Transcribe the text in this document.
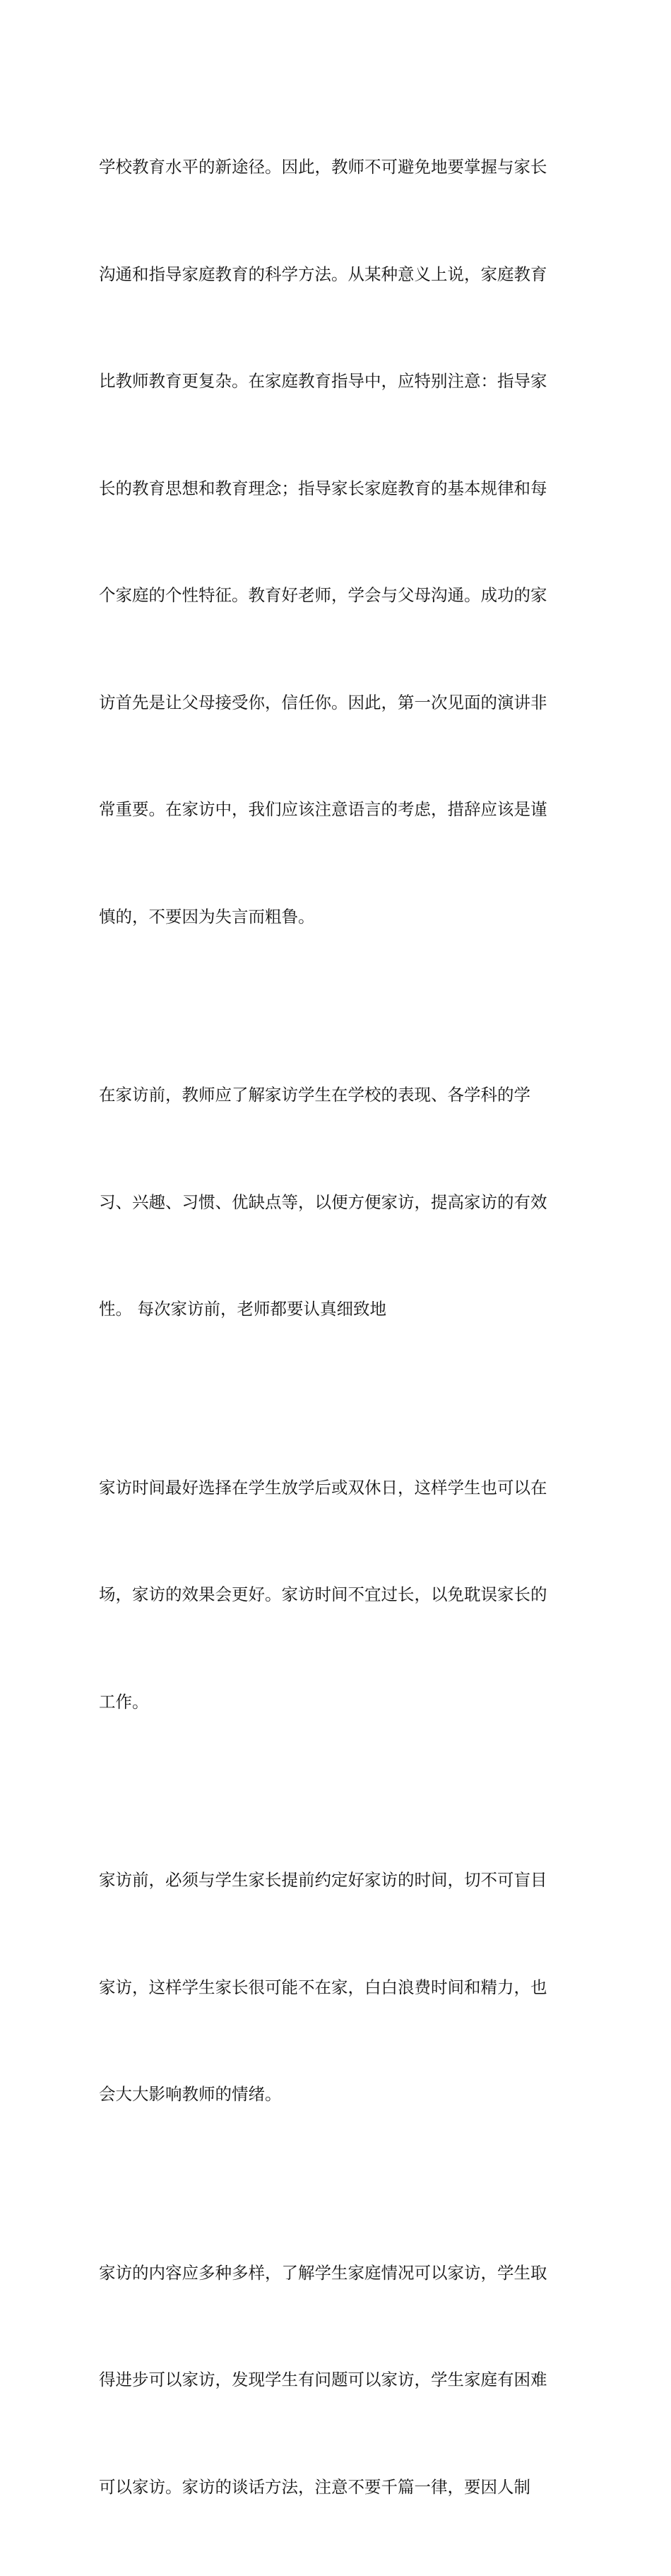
学校教育水平的新途径。因此，教师不可避免地要掌握与家长

沟通和指导家庭教育的科学方法。从某种意义上说，家庭教育

比教师教育更复杂。在家庭教育指导中，应特别注意：指导家

长的教育思想和教育理念；指导家长家庭教育的基本规律和每

个家庭的个性特征。教育好老师，学会与父母沟通。成功的家

访首先是让父母接受你，信任你。因此，第一次见面的演讲非

常重要。在家访中，我们应该注意语言的考虑，措辞应该是谨

慎的，不要因为失言而粗鲁。

在家访前，教师应了解家访学生在学校的表现、各学科的学

习、兴趣、习惯、优缺点等，以便方便家访，提高家访的有效

性。 每次家访前，老师都要认真细致地

家访时间最好选择在学生放学后或双休日，这样学生也可以在

场，家访的效果会更好。家访时间不宜过长，以免耽误家长的

工作。

家访前，必须与学生家长提前约定好家访的时间，切不可盲目

家访，这样学生家长很可能不在家，白白浪费时间和精力，也

会大大影响教师的情绪。

家访的内容应多种多样，了解学生家庭情况可以家访，学生取

得进步可以家访，发现学生有问题可以家访，学生家庭有困难

可以家访。家访的谈话方法，注意不要千篇一律，要因人制
